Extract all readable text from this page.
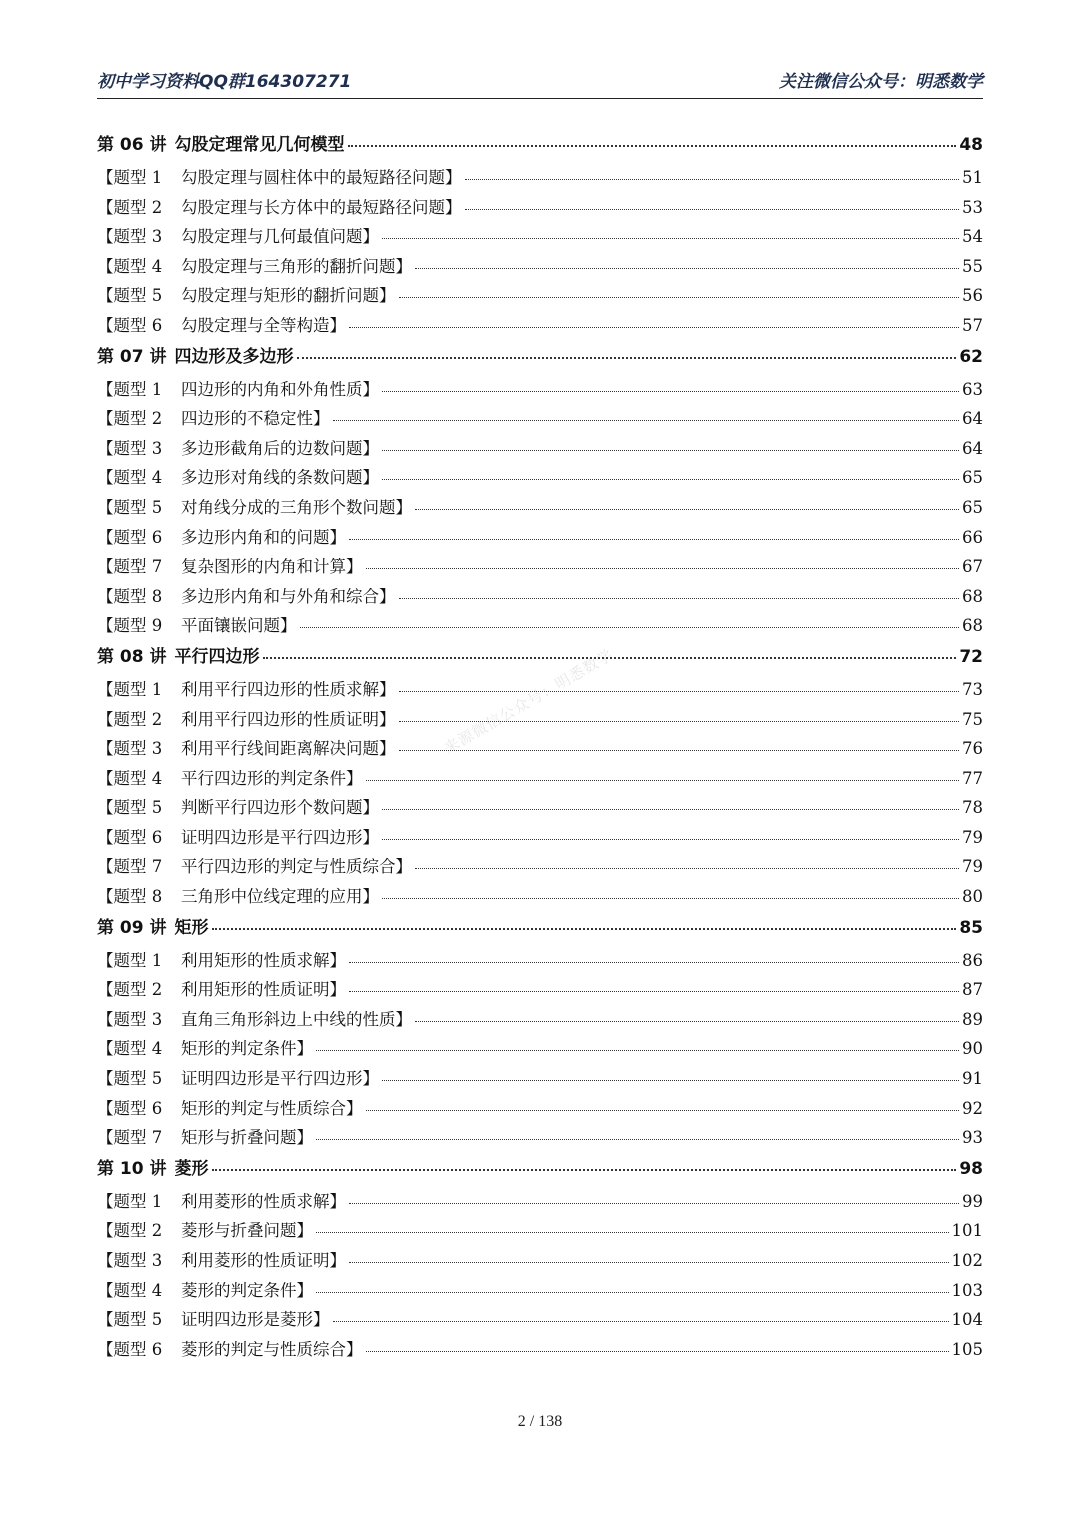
初中学习资料QQ群164307271	关注微信公众号：明悉数学
第 06 讲 勾股定理常见几何模型	48
【题型 1 勾股定理与圆柱体中的最短路径问题】	51
【题型 2 勾股定理与长方体中的最短路径问题】	53
【题型 3 勾股定理与几何最值问题】	54
【题型 4 勾股定理与三角形的翻折问题】	55
【题型 5 勾股定理与矩形的翻折问题】	56
【题型 6 勾股定理与全等构造】	57
第 07 讲 四边形及多边形	62
【题型 1 四边形的内角和外角性质】	63
【题型 2 四边形的不稳定性】	64
【题型 3 多边形截角后的边数问题】	64
【题型 4 多边形对角线的条数问题】	65
【题型 5 对角线分成的三角形个数问题】	65
【题型 6 多边形内角和的问题】	66
【题型 7 复杂图形的内角和计算】	67
【题型 8 多边形内角和与外角和综合】	68
【题型 9 平面镶嵌问题】	68
第 08 讲 平行四边形	72
【题型 1 利用平行四边形的性质求解】	73
【题型 2 利用平行四边形的性质证明】	75
【题型 3 利用平行线间距离解决问题】	76
【题型 4 平行四边形的判定条件】	77
【题型 5 判断平行四边形个数问题】	78
【题型 6 证明四边形是平行四边形】	79
【题型 7 平行四边形的判定与性质综合】	79
【题型 8 三角形中位线定理的应用】	80
第 09 讲 矩形	85
【题型 1 利用矩形的性质求解】	86
【题型 2 利用矩形的性质证明】	87
【题型 3 直角三角形斜边上中线的性质】	89
【题型 4 矩形的判定条件】	90
【题型 5 证明四边形是平行四边形】	91
【题型 6 矩形的判定与性质综合】	92
【题型 7 矩形与折叠问题】	93
第 10 讲 菱形	98
【题型 1 利用菱形的性质求解】	99
【题型 2 菱形与折叠问题】	101
【题型 3 利用菱形的性质证明】	102
【题型 4 菱形的判定条件】	103
【题型 5 证明四边形是菱形】	104
【题型 6 菱形的判定与性质综合】	105
来源微信公众号：明悉数学
2 / 138
